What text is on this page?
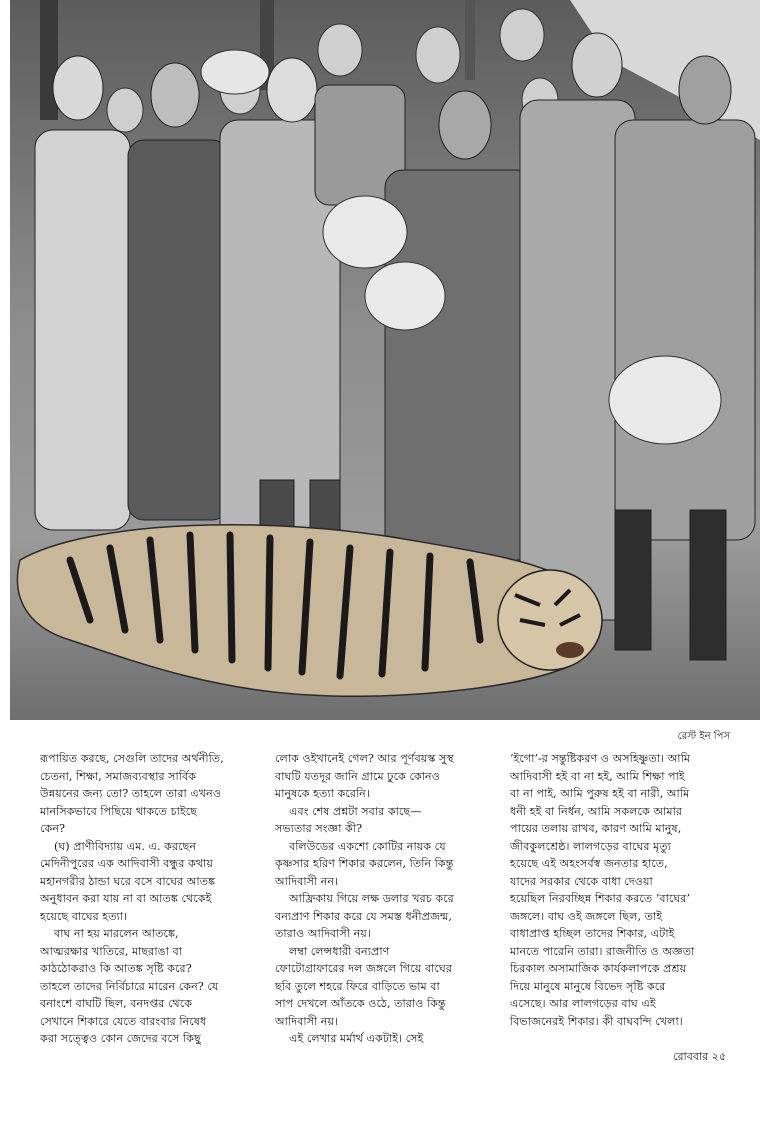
রেস্ট ইন পিস

রূপায়িত করছে, সেগুলি তাদের অর্থনীতি,

চেতনা, শিক্ষা, সমাজব্যবস্থার সার্বিক

উন্নয়নের জন্য তো? তাহলে তারা এখনও

মানসিকভাবে পিছিয়ে থাকতে চাইছে

কেন?

(ঘ) প্রাণীবিদ্যায় এম. এ. করছেন

মেদিনীপুরের এক আদিবাসী বন্ধুর কথায়

মহানগরীর ঠান্ডা ঘরে বসে বাঘের আতঙ্ক

অনুধাবন করা যায় না বা আতঙ্ক থেকেই

হয়েছে বাঘের হত্যা।

বাঘ না হয় মারলেন আতঙ্কে,

আত্মরক্ষার খাতিরে, মাছরাঙা বা

কাঠঠোকরাও কি আতঙ্ক সৃষ্টি করে?

তাহলে তাদের নির্বিচারে মারেন কেন? যে

বনাংশে বাঘটি ছিল, বনদপ্তর থেকে

সেখানে শিকারে যেতে বারংবার নিষেধ

করা সত্ত্বেও কোন জেদের বসে কিছু

লোক ওইখানেই গেল? আর পূর্ণবয়স্ক সুস্থ

বাঘটি যতদূর জানি গ্রামে ঢুকে কোনও

মানুষকে হত্যা করেনি।

এবং শেষ প্রশ্নটা সবার কাছে—

সভ্যতার সংজ্ঞা কী?

বলিউডের একশো কোটির নায়ক যে

কৃষ্ণসার হরিণ শিকার করলেন, তিনি কিন্তু

আদিবাসী নন।

আফ্রিকায় গিয়ে লক্ষ ডলার খরচ করে

বন্যপ্রাণ শিকার করে যে সমস্ত ধনীপ্রজন্ম,

তারাও আদিবাসী নয়।

লম্বা লেন্সধারী বন্যপ্রাণ

ফোটোগ্রাফারের দল জঙ্গলে গিয়ে বাঘের

ছবি তুলে শহরে ফিরে বাড়িতে ভাম বা

সাপ দেখলে আঁতকে ওঠে, তারাও কিন্তু

আদিবাসী নয়।

এই লেখার মর্মার্থ একটাই। সেই

‘ইগো’-র সন্তুষ্টিকরণ ও অসহিষ্ণুতা। আমি

আদিবাসী হই বা না হই, আমি শিক্ষা পাই

বা না পাই, আমি পুরুষ হই বা নারী, আমি

ধনী হই বা নির্ধন, আমি সকলকে আমার

পায়ের তলায় রাখব, কারণ আমি মানুষ,

জীবকুলশ্রেষ্ঠ। লালগড়ের বাঘের মৃত্যু

হয়েছে এই অহংসর্বস্ব জনতার হাতে,

যাদের সরকার থেকে বাধা দেওয়া

হয়েছিল নিরবচ্ছিন্ন শিকার করতে ‘বাঘের’

জঙ্গলে। বাঘ ওই জঙ্গলে ছিল, তাই

বাধাপ্রাপ্ত হচ্ছিল তাদের শিকার, এটাই

মানতে পারেনি তারা। রাজনীতি ও অজ্ঞতা

চিরকাল অসামাজিক কার্যকলাপকে প্রশ্রয়

দিয়ে মানুষে মানুষে বিভেদ সৃষ্টি করে

এসেছে। আর লালগড়ের বাঘ এই

বিভাজনেরই শিকার। কী বাঘবন্দি খেলা।

রোববার ২৫
